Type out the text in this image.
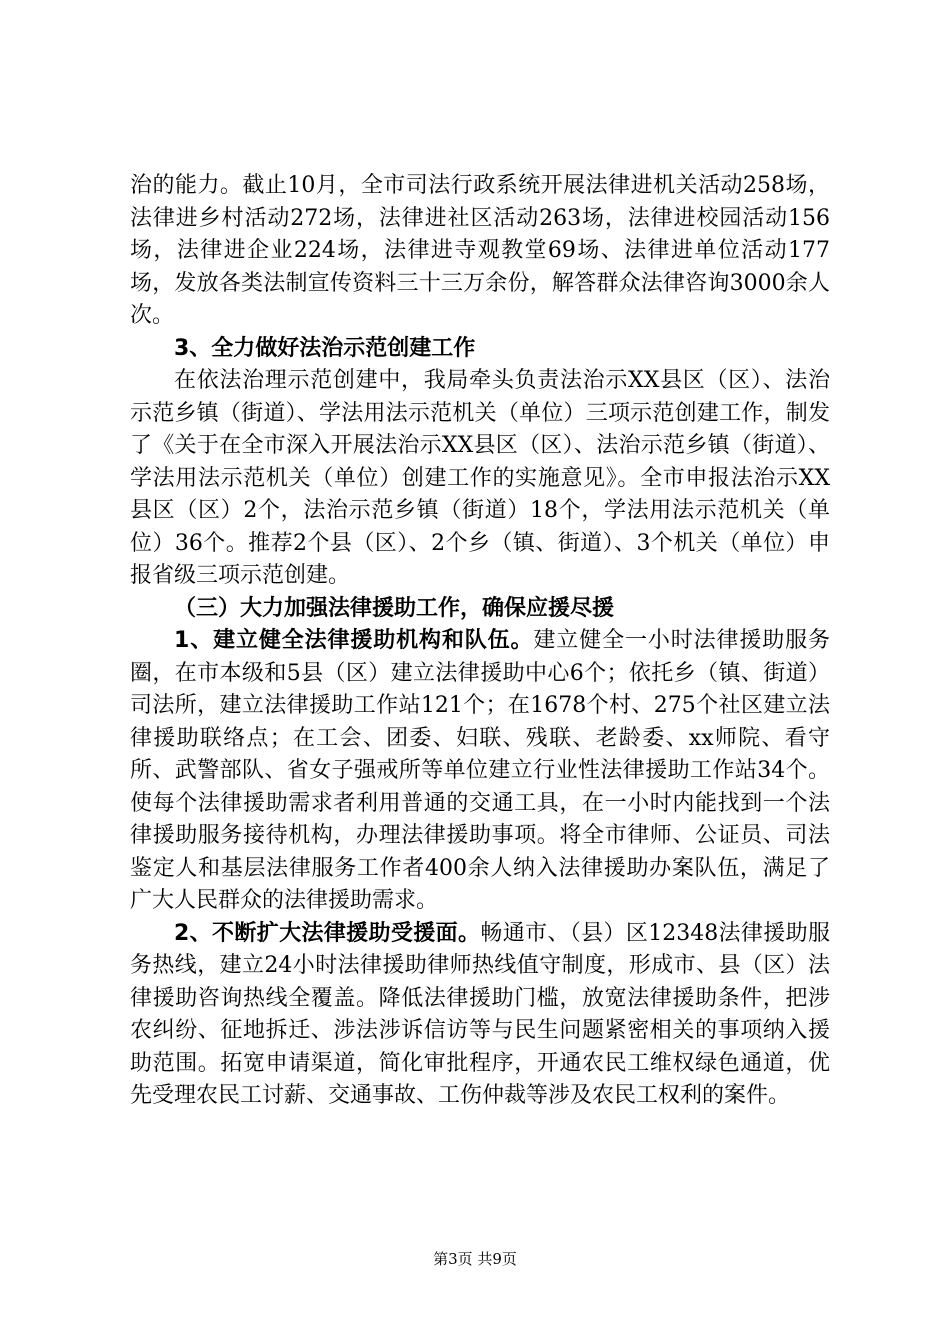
治的能力。截止10月，全市司法行政系统开展法律进机关活动258场，法律进乡村活动272场，法律进社区活动263场，法律进校园活动156场，法律进企业224场，法律进寺观教堂69场、法律进单位活动177场，发放各类法制宣传资料三十三万余份，解答群众法律咨询3000余人次。

3、全力做好法治示范创建工作

在依法治理示范创建中，我局牵头负责法治示XX县区（区）、法治示范乡镇（街道）、学法用法示范机关（单位）三项示范创建工作，制发了《关于在全市深入开展法治示XX县区（区）、法治示范乡镇（街道）、学法用法示范机关（单位）创建工作的实施意见》。全市申报法治示XX县区（区）2个，法治示范乡镇（街道）18个，学法用法示范机关（单位）36个。推荐2个县（区）、2个乡（镇、街道）、3个机关（单位）申报省级三项示范创建。

（三）大力加强法律援助工作，确保应援尽援

1、建立健全法律援助机构和队伍。建立健全一小时法律援助服务圈，在市本级和5县（区）建立法律援助中心6个；依托乡（镇、街道）司法所，建立法律援助工作站121个；在1678个村、275个社区建立法律援助联络点；在工会、团委、妇联、残联、老龄委、xx师院、看守所、武警部队、省女子强戒所等单位建立行业性法律援助工作站34个。使每个法律援助需求者利用普通的交通工具，在一小时内能找到一个法律援助服务接待机构，办理法律援助事项。将全市律师、公证员、司法鉴定人和基层法律服务工作者400余人纳入法律援助办案队伍，满足了广大人民群众的法律援助需求。

2、不断扩大法律援助受援面。畅通市、（县）区12348法律援助服务热线，建立24小时法律援助律师热线值守制度，形成市、县（区）法律援助咨询热线全覆盖。降低法律援助门槛，放宽法律援助条件，把涉农纠纷、征地拆迁、涉法涉诉信访等与民生问题紧密相关的事项纳入援助范围。拓宽申请渠道，简化审批程序，开通农民工维权绿色通道，优先受理农民工讨薪、交通事故、工伤仲裁等涉及农民工权利的案件。

第3页 共9页
